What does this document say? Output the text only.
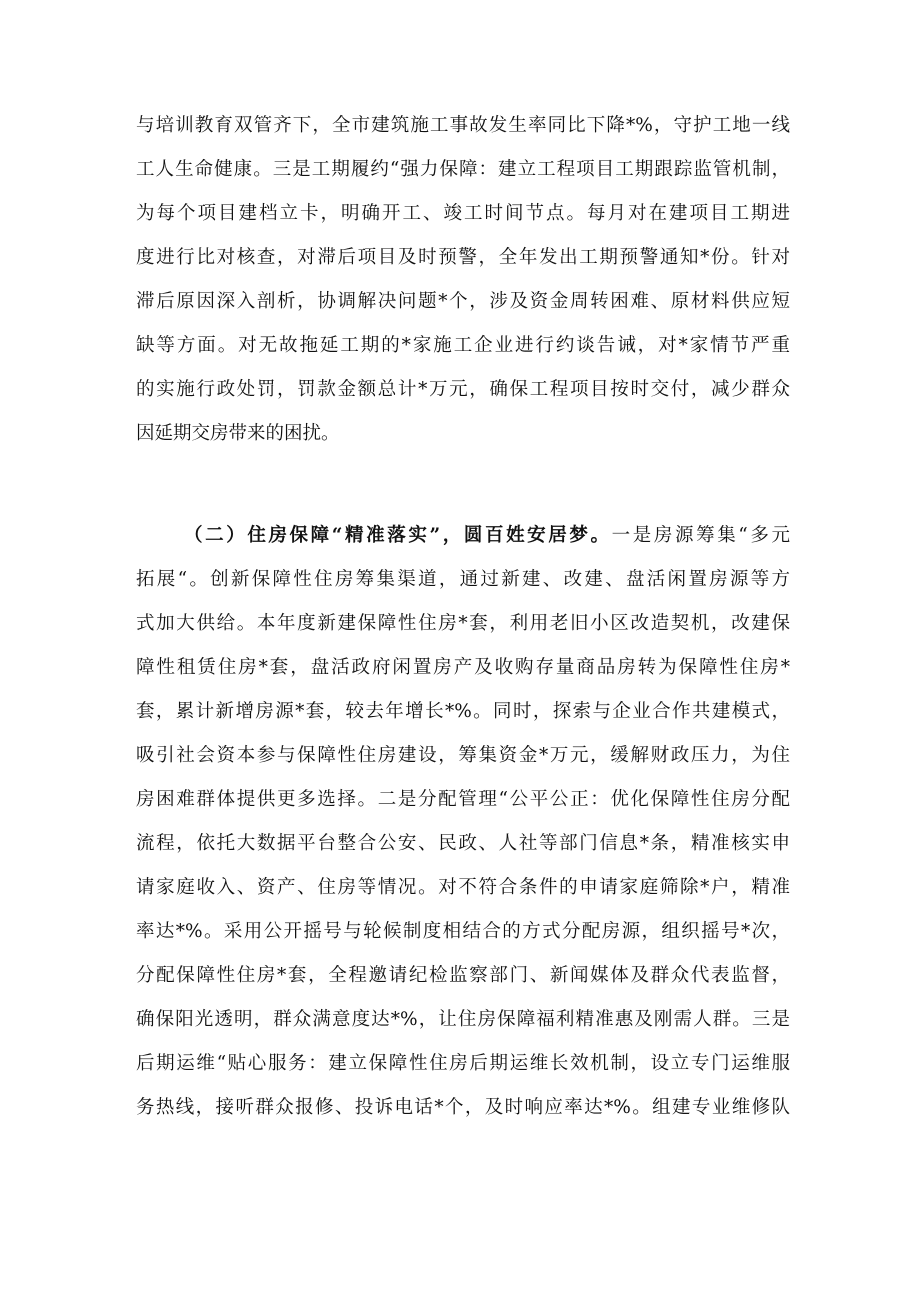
与培训教育双管齐下，全市建筑施工事故发生率同比下降*%，守护工地一线
工人生命健康。三是工期履约“强力保障：建立工程项目工期跟踪监管机制，
为每个项目建档立卡，明确开工、竣工时间节点。每月对在建项目工期进
度进行比对核查，对滞后项目及时预警，全年发出工期预警通知*份。针对
滞后原因深入剖析，协调解决问题*个，涉及资金周转困难、原材料供应短
缺等方面。对无故拖延工期的*家施工企业进行约谈告诫，对*家情节严重
的实施行政处罚，罚款金额总计*万元，确保工程项目按时交付，减少群众
因延期交房带来的困扰。
（二）住房保障“精准落实”，圆百姓安居梦。一是房源筹集“多元
拓展“。创新保障性住房筹集渠道，通过新建、改建、盘活闲置房源等方
式加大供给。本年度新建保障性住房*套，利用老旧小区改造契机，改建保
障性租赁住房*套，盘活政府闲置房产及收购存量商品房转为保障性住房*
套，累计新增房源*套，较去年增长*%。同时，探索与企业合作共建模式，
吸引社会资本参与保障性住房建设，筹集资金*万元，缓解财政压力，为住
房困难群体提供更多选择。二是分配管理“公平公正：优化保障性住房分配
流程，依托大数据平台整合公安、民政、人社等部门信息*条，精准核实申
请家庭收入、资产、住房等情况。对不符合条件的申请家庭筛除*户，精准
率达*%。采用公开摇号与轮候制度相结合的方式分配房源，组织摇号*次，
分配保障性住房*套，全程邀请纪检监察部门、新闻媒体及群众代表监督，
确保阳光透明，群众满意度达*%，让住房保障福利精准惠及刚需人群。三是
后期运维“贴心服务：建立保障性住房后期运维长效机制，设立专门运维服
务热线，接听群众报修、投诉电话*个，及时响应率达*%。组建专业维修队
